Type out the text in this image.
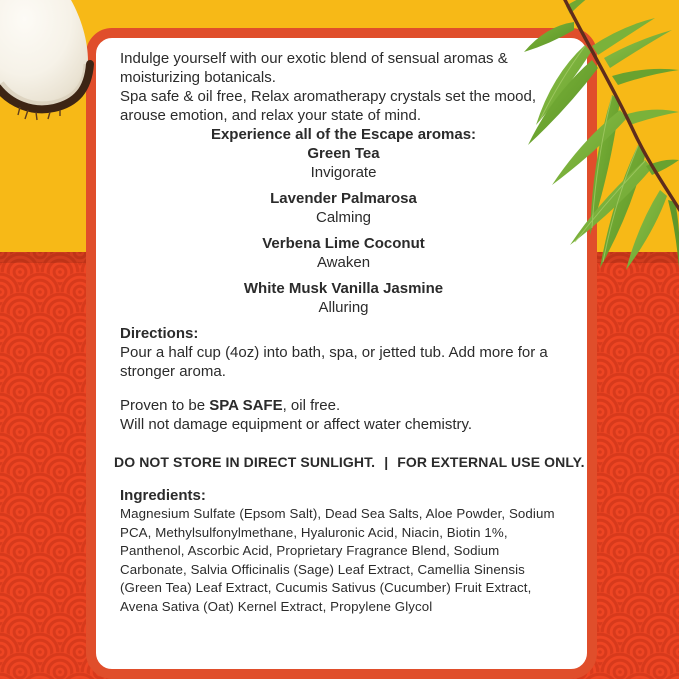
Indulge yourself with our exotic blend of sensual aromas & moisturizing botanicals.

Spa safe & oil free, Relax aromatherapy crystals set the mood, arouse emotion, and relax your state of mind.

Experience all of the Escape aromas:

Green Tea
Invigorate
Lavender Palmarosa
Calming
Verbena Lime Coconut
Awaken
White Musk Vanilla Jasmine
Alluring
Directions:
Pour a half cup (4oz) into bath, spa, or jetted tub. Add more for a stronger aroma.
Proven to be SPA SAFE, oil free.
Will not damage equipment or affect water chemistry.
DO NOT STORE IN DIRECT SUNLIGHT. | FOR EXTERNAL USE ONLY.

Ingredients:

Magnesium Sulfate (Epsom Salt), Dead Sea Salts, Aloe Powder, Sodium PCA, Methylsulfonylmethane, Hyaluronic Acid, Niacin, Biotin 1%, Panthenol, Ascorbic Acid, Proprietary Fragrance Blend, Sodium Carbonate, Salvia Officinalis (Sage) Leaf Extract, Camellia Sinensis (Green Tea) Leaf Extract, Cucumis Sativus (Cucumber) Fruit Extract, Avena Sativa (Oat) Kernel Extract, Propylene Glycol
